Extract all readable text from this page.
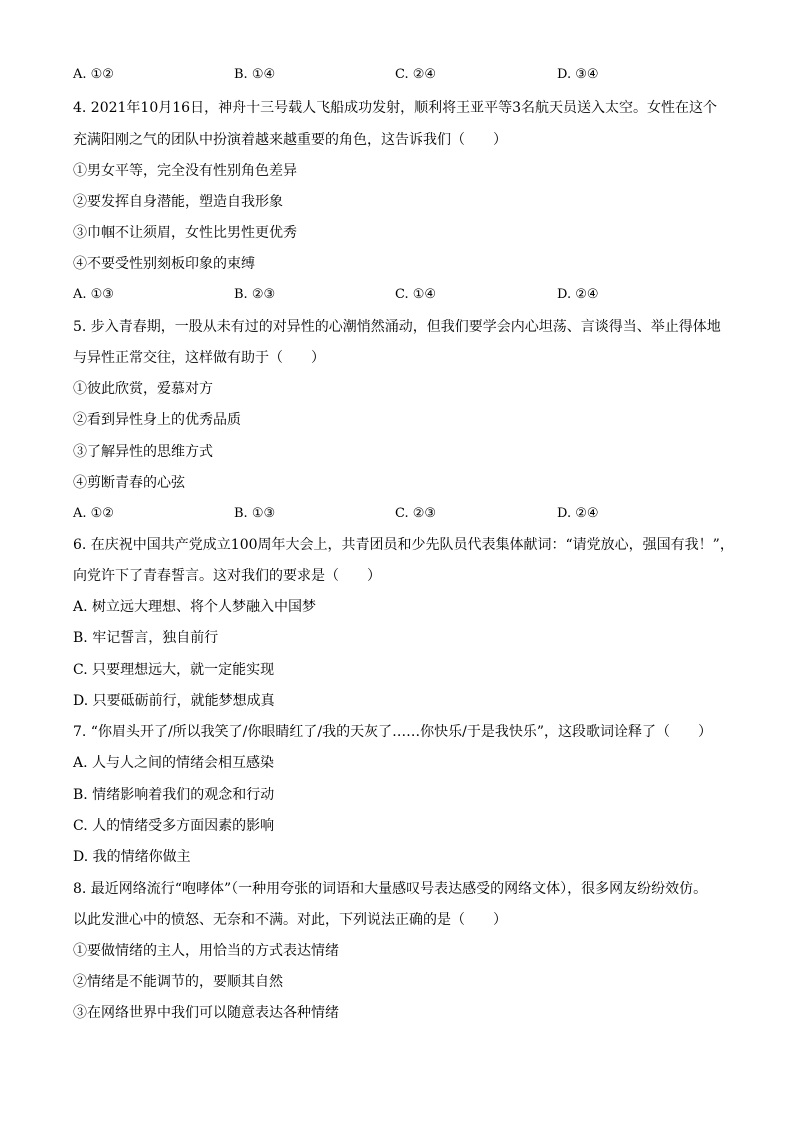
A. ①②	B. ①④	C. ②④	D. ③④
4. 2021年10月16日，神舟十三号载人飞船成功发射，顺利将王亚平等3名航天员送入太空。女性在这个
充满阳刚之气的团队中扮演着越来越重要的角色，这告诉我们（　　）
①男女平等，完全没有性别角色差异
②要发挥自身潜能，塑造自我形象
③巾帼不让须眉，女性比男性更优秀
④不要受性别刻板印象的束缚
A. ①③	B. ②③	C. ①④	D. ②④
5. 步入青春期，一股从未有过的对异性的心潮悄然涌动，但我们要学会内心坦荡、言谈得当、举止得体地
与异性正常交往，这样做有助于（　　）
①彼此欣赏，爱慕对方
②看到异性身上的优秀品质
③了解异性的思维方式
④剪断青春的心弦
A. ①②	B. ①③	C. ②③	D. ②④
6. 在庆祝中国共产党成立100周年大会上，共青团员和少先队员代表集体献词：“请党放心，强国有我！”，
向党许下了青春誓言。这对我们的要求是（　　）
A. 树立远大理想、将个人梦融入中国梦
B. 牢记誓言，独自前行
C. 只要理想远大，就一定能实现
D. 只要砥砺前行，就能梦想成真
7. “你眉头开了/所以我笑了/你眼睛红了/我的天灰了……你快乐/于是我快乐”，这段歌词诠释了（　　）
A. 人与人之间的情绪会相互感染
B. 情绪影响着我们的观念和行动
C. 人的情绪受多方面因素的影响
D. 我的情绪你做主
8. 最近网络流行“咆哮体”（一种用夸张的词语和大量感叹号表达感受的网络文体），很多网友纷纷效仿。
以此发泄心中的愤怒、无奈和不满。对此，下列说法正确的是（　　）
①要做情绪的主人，用恰当的方式表达情绪
②情绪是不能调节的，要顺其自然
③在网络世界中我们可以随意表达各种情绪
